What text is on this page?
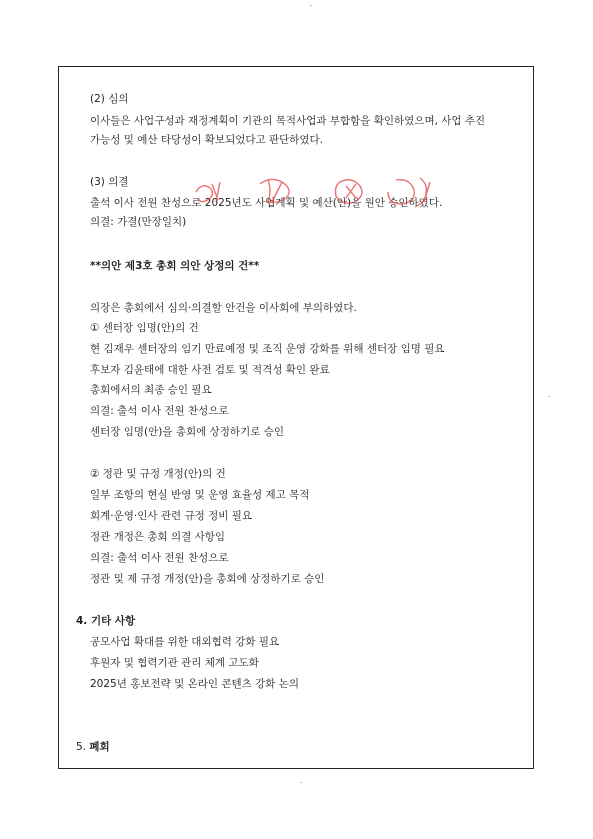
(2) 심의
이사들은 사업구성과 재정계획이 기관의 목적사업과 부합함을 확인하였으며, 사업 추진
가능성 및 예산 타당성이 확보되었다고 판단하였다.
(3) 의결
출석 이사 전원 찬성으로 2025년도 사업계획 및 예산(안)을 원안 승인하였다.
의결: 가결(만장일치)
**의안 제3호 총회 의안 상정의 건**
의장은 총회에서 심의·의결할 안건을 이사회에 부의하였다.
① 센터장 임명(안)의 건
현 김재우 센터장의 임기 만료예정 및 조직 운영 강화를 위해 센터장 임명 필요
후보자 김윤태에 대한 사전 검토 및 적격성 확인 완료
총회에서의 최종 승인 필요
의결: 출석 이사 전원 찬성으로
센터장 임명(안)을 총회에 상정하기로 승인
② 정관 및 규정 개정(안)의 건
일부 조항의 현실 반영 및 운영 효율성 제고 목적
회계·운영·인사 관련 규정 정비 필요
정관 개정은 총회 의결 사항임
의결: 출석 이사 전원 찬성으로
정관 및 제 규정 개정(안)을 총회에 상정하기로 승인
4. 기타 사항
공모사업 확대를 위한 대외협력 강화 필요
후원자 및 협력기관 관리 체계 고도화
2025년 홍보전략 및 온라인 콘텐츠 강화 논의
5. 폐회
